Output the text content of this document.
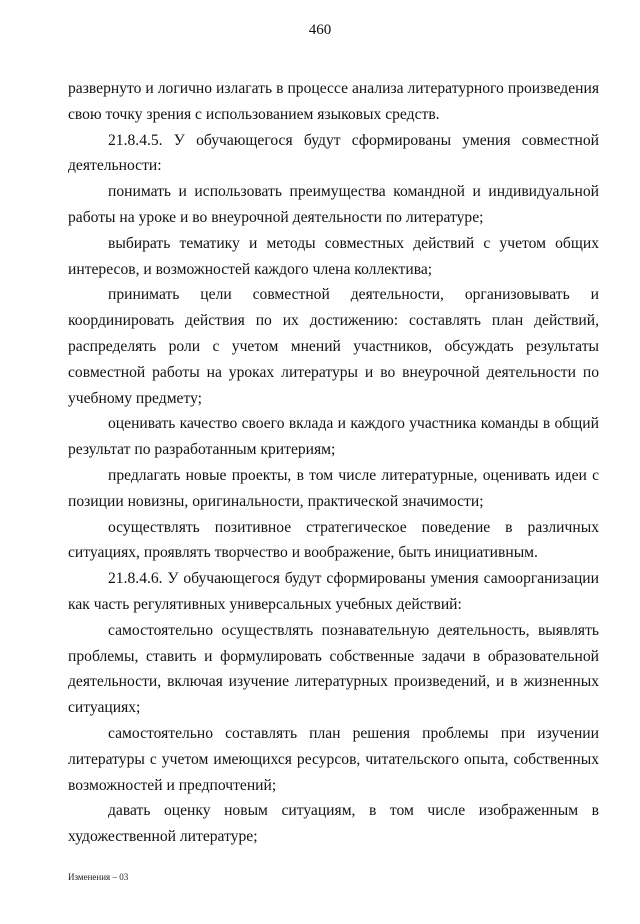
460

развернуто и логично излагать в процессе анализа литературного произведения свою точку зрения с использованием языковых средств.

21.8.4.5. У обучающегося будут сформированы умения совместной деятельности:

понимать и использовать преимущества командной и индивидуальной работы на уроке и во внеурочной деятельности по литературе;

выбирать тематику и методы совместных действий с учетом общих интересов, и возможностей каждого члена коллектива;

принимать цели совместной деятельности, организовывать и координировать действия по их достижению: составлять план действий, распределять роли с учетом мнений участников, обсуждать результаты совместной работы на уроках литературы и во внеурочной деятельности по учебному предмету;

оценивать качество своего вклада и каждого участника команды в общий результат по разработанным критериям;

предлагать новые проекты, в том числе литературные, оценивать идеи с позиции новизны, оригинальности, практической значимости;

осуществлять позитивное стратегическое поведение в различных ситуациях, проявлять творчество и воображение, быть инициативным.

21.8.4.6. У обучающегося будут сформированы умения самоорганизации как часть регулятивных универсальных учебных действий:

самостоятельно осуществлять познавательную деятельность, выявлять проблемы, ставить и формулировать собственные задачи в образовательной деятельности, включая изучение литературных произведений, и в жизненных ситуациях;

самостоятельно составлять план решения проблемы при изучении литературы с учетом имеющихся ресурсов, читательского опыта, собственных возможностей и предпочтений;

давать оценку новым ситуациям, в том числе изображенным в художественной литературе;

Изменения – 03
